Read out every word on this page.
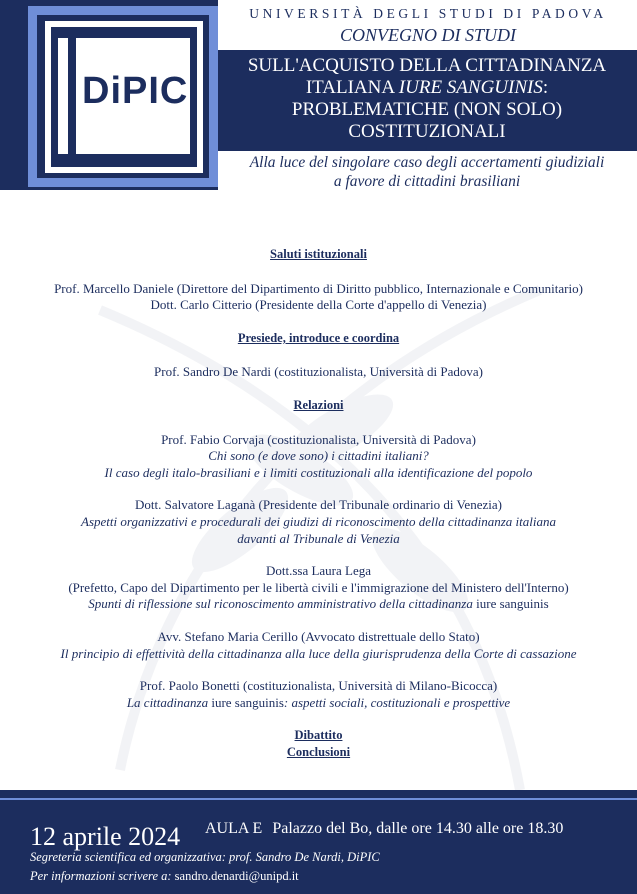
DiPIC
UNIVERSITÀ DEGLI STUDI DI PADOVA
CONVEGNO DI STUDI
SULL'ACQUISTO DELLA CITTADINANZA
ITALIANA IURE SANGUINIS:
PROBLEMATICHE (NON SOLO)
COSTITUZIONALI
Alla luce del singolare caso degli accertamenti giudiziali
a favore di cittadini brasiliani
Saluti istituzionali
Prof. Marcello Daniele (Direttore del Dipartimento di Diritto pubblico, Internazionale e Comunitario)
Dott. Carlo Citterio (Presidente della Corte d'appello di Venezia)
Presiede, introduce e coordina
Prof. Sandro De Nardi (costituzionalista, Università di Padova)
Relazioni
Prof. Fabio Corvaja (costituzionalista, Università di Padova)
Chi sono (e dove sono) i cittadini italiani?
Il caso degli italo-brasiliani e i limiti costituzionali alla identificazione del popolo
Dott. Salvatore Laganà (Presidente del Tribunale ordinario di Venezia)
Aspetti organizzativi e procedurali dei giudizi di riconoscimento della cittadinanza italiana
davanti al Tribunale di Venezia
Dott.ssa Laura Lega
(Prefetto, Capo del Dipartimento per le libertà civili e l'immigrazione del Ministero dell'Interno)
Spunti di riflessione sul riconoscimento amministrativo della cittadinanza iure sanguinis
Avv. Stefano Maria Cerillo (Avvocato distrettuale dello Stato)
Il principio di effettività della cittadinanza alla luce della giurisprudenza della Corte di cassazione
Prof. Paolo Bonetti (costituzionalista, Università di Milano-Bicocca)
La cittadinanza iure sanguinis: aspetti sociali, costituzionali e prospettive
Dibattito
Conclusioni
12 aprile 2024 AULA E Palazzo del Bo, dalle ore 14.30 alle ore 18.30
Segreteria scientifica ed organizzativa: prof. Sandro De Nardi, DiPIC
Per informazioni scrivere a: sandro.denardi@unipd.it
